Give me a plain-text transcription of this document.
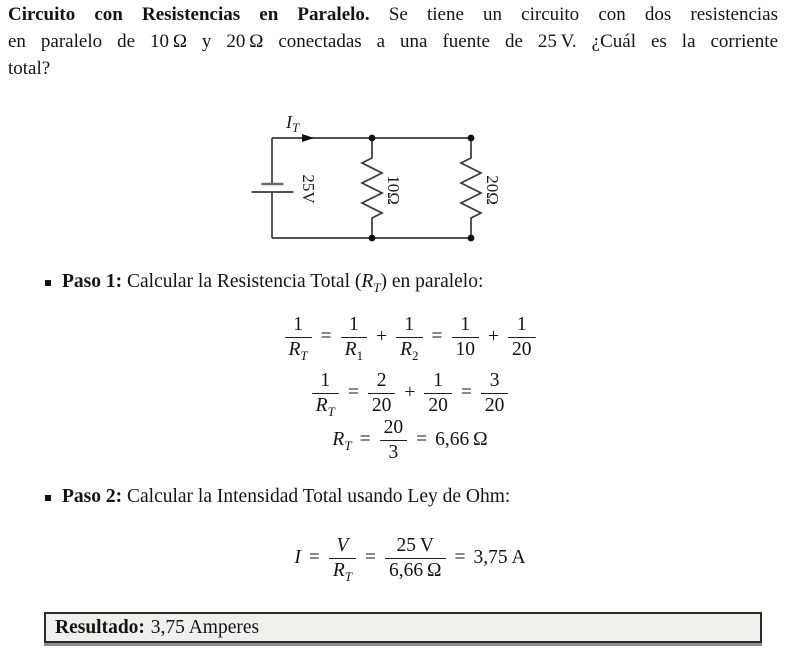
Circuito con Resistencias en Paralelo. Se tiene un circuito con dos resistencias
en paralelo de 10 Ω y 20 Ω conectadas a una fuente de 25 V. ¿Cuál es la corriente
total?
$I_T$
25V	10Ω	20Ω
Paso 1: Calcular la Resistencia Total $(R_T)$ en paralelo:
$\frac{1}{R_T} = \frac{1}{R_1} + \frac{1}{R_2} = \frac{1}{10} + \frac{1}{20}$
$\frac{1}{R_T} = \frac{2}{20} + \frac{1}{20} = \frac{3}{20}$
$R_T = \frac{20}{3} = 6,66$ Ω
Paso 2: Calcular la Intensidad Total usando Ley de Ohm:
$I = \frac{V}{R_T} = \frac{25 V}{6,66 \Omega} = 3,75$ A
Resultado: 3,75 Amperes
